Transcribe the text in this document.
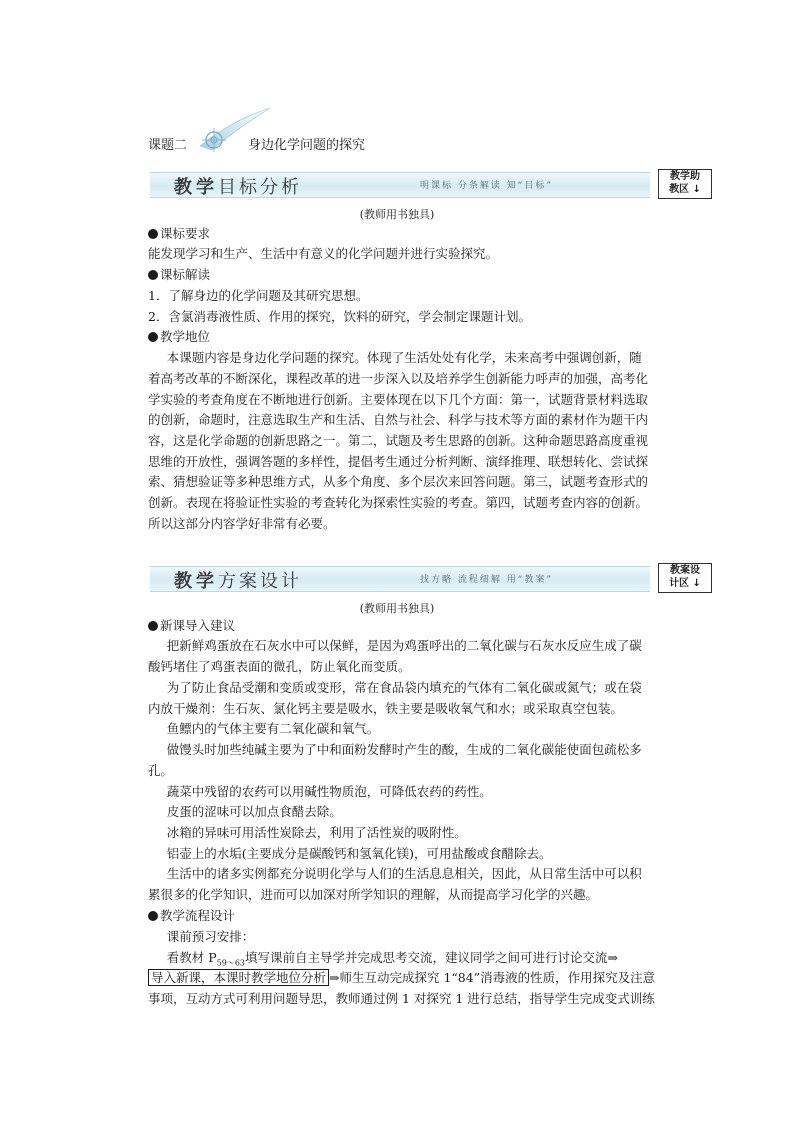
课题二	身边化学问题的探究
教学目标分析	明课标 分条解读 知“目标”
教学助
教区 ↓
(教师用书独具)
课标要求
能发现学习和生产、生活中有意义的化学问题并进行实验探究。
课标解读
1．了解身边的化学问题及其研究思想。
2．含氯消毒液性质、作用的探究，饮料的研究，学会制定课题计划。
教学地位
  本课题内容是身边化学问题的探究。体现了生活处处有化学，未来高考中强调创新，随
着高考改革的不断深化，课程改革的进一步深入以及培养学生创新能力呼声的加强，高考化
学实验的考查角度在不断地进行创新。主要体现在以下几个方面：第一，试题背景材料选取
的创新，命题时，注意选取生产和生活、自然与社会、科学与技术等方面的素材作为题干内
容，这是化学命题的创新思路之一。第二，试题及考生思路的创新。这种命题思路高度重视
思维的开放性，强调答题的多样性，提倡考生通过分析判断、演绎推理、联想转化、尝试探
索、猜想验证等多种思维方式，从多个角度、多个层次来回答问题。第三，试题考查形式的
创新。表现在将验证性实验的考查转化为探索性实验的考查。第四，试题考查内容的创新。
所以这部分内容学好非常有必要。
教学方案设计	找方略 流程细解 用“教案”
教案设
计区 ↓
(教师用书独具)
新课导入建议
  把新鲜鸡蛋放在石灰水中可以保鲜，是因为鸡蛋呼出的二氧化碳与石灰水反应生成了碳
酸钙堵住了鸡蛋表面的微孔，防止氧化而变质。
  为了防止食品受潮和变质或变形，常在食品袋内填充的气体有二氧化碳或氮气；或在袋
内放干燥剂：生石灰、氯化钙主要是吸水，铁主要是吸收氧气和水；或采取真空包装。
  鱼鳔内的气体主要有二氧化碳和氧气。
  做馒头时加些纯碱主要为了中和面粉发酵时产生的酸，生成的二氧化碳能使面包疏松多
孔。
  蔬菜中残留的农药可以用碱性物质泡，可降低农药的药性。
  皮蛋的涩味可以加点食醋去除。
  冰箱的异味可用活性炭除去，利用了活性炭的吸附性。
  铝壶上的水垢(主要成分是碳酸钙和氢氧化镁)，可用盐酸或食醋除去。
  生活中的诸多实例都充分说明化学与人们的生活息息相关，因此，从日常生活中可以积
累很多的化学知识，进而可以加深对所学知识的理解，从而提高学习化学的兴趣。
教学流程设计
  课前预习安排：
  看教材 $P_{59\sim 63}$填写课前自主导学并完成思考交流，建议同学之间可进行讨论交流⇒
导入新课，本课时教学地位分析 ⇒师生互动完成探究 1“84”消毒液的性质，作用探究及注意
事项，互动方式可利用问题导思，教师通过例 1 对探究 1 进行总结，指导学生完成变式训练
